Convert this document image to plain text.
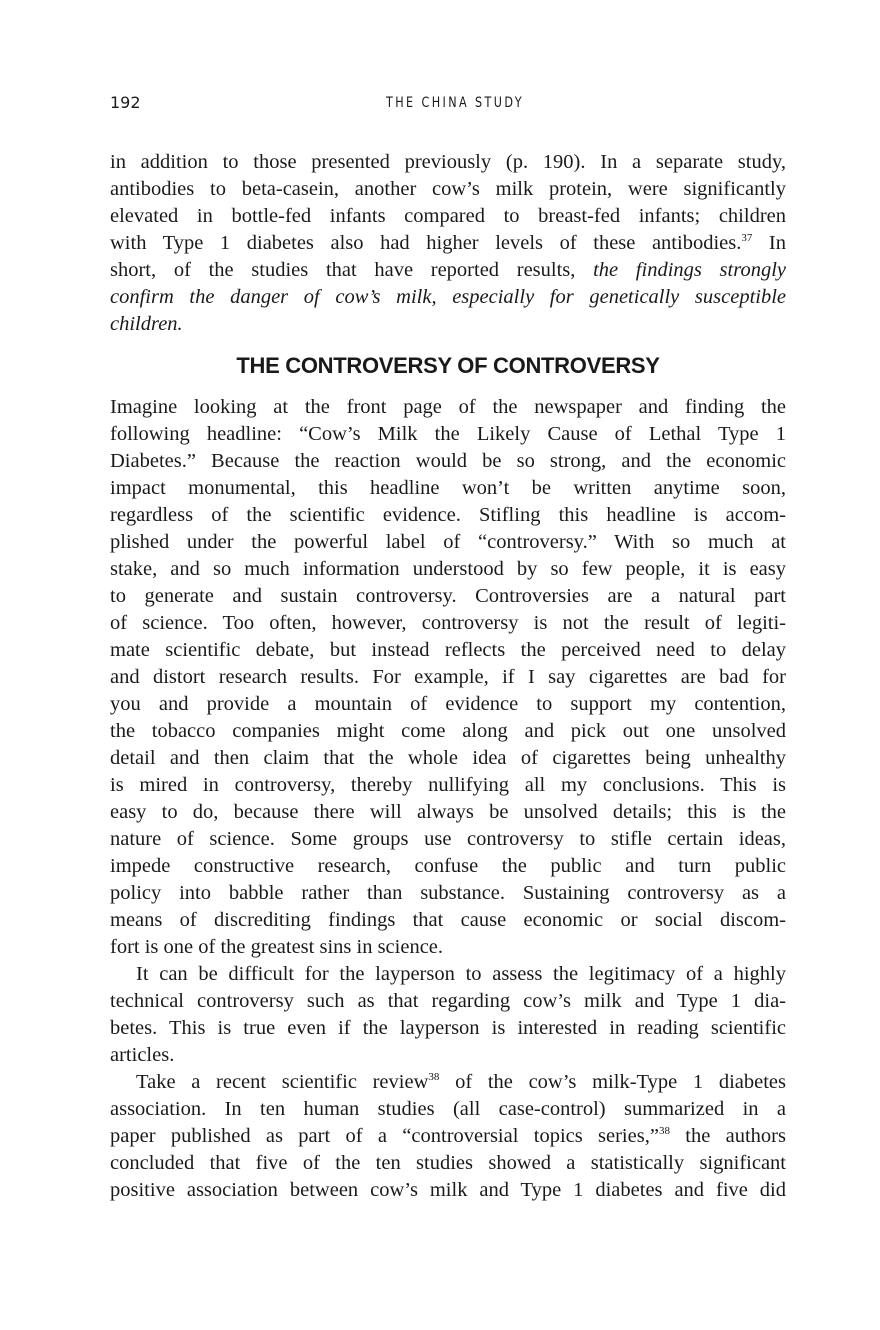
192	THE CHINA STUDY
in addition to those presented previously (p. 190). In a separate study,
antibodies to beta-casein, another cow’s milk protein, were significantly
elevated in bottle-fed infants compared to breast-fed infants; children
with Type 1 diabetes also had higher levels of these antibodies.$^{37}$ In
short, of the studies that have reported results, the findings strongly
confirm the danger of cow’s milk, especially for genetically susceptible
children.
THE CONTROVERSY OF CONTROVERSY
Imagine looking at the front page of the newspaper and finding the
following headline: “Cow’s Milk the Likely Cause of Lethal Type 1
Diabetes.” Because the reaction would be so strong, and the economic
impact monumental, this headline won’t be written anytime soon,
regardless of the scientific evidence. Stifling this headline is accom-
plished under the powerful label of “controversy.” With so much at
stake, and so much information understood by so few people, it is easy
to generate and sustain controversy. Controversies are a natural part
of science. Too often, however, controversy is not the result of legiti-
mate scientific debate, but instead reflects the perceived need to delay
and distort research results. For example, if I say cigarettes are bad for
you and provide a mountain of evidence to support my contention,
the tobacco companies might come along and pick out one unsolved
detail and then claim that the whole idea of cigarettes being unhealthy
is mired in controversy, thereby nullifying all my conclusions. This is
easy to do, because there will always be unsolved details; this is the
nature of science. Some groups use controversy to stifle certain ideas,
impede constructive research, confuse the public and turn public
policy into babble rather than substance. Sustaining controversy as a
means of discrediting findings that cause economic or social discom-
fort is one of the greatest sins in science.
It can be difficult for the layperson to assess the legitimacy of a highly
technical controversy such as that regarding cow’s milk and Type 1 dia-
betes. This is true even if the layperson is interested in reading scientific
articles.
Take a recent scientific review$^{38}$ of the cow’s milk-Type 1 diabetes
association. In ten human studies (all case-control) summarized in a
paper published as part of a “controversial topics series,”$^{38}$ the authors
concluded that five of the ten studies showed a statistically significant
positive association between cow’s milk and Type 1 diabetes and five did
